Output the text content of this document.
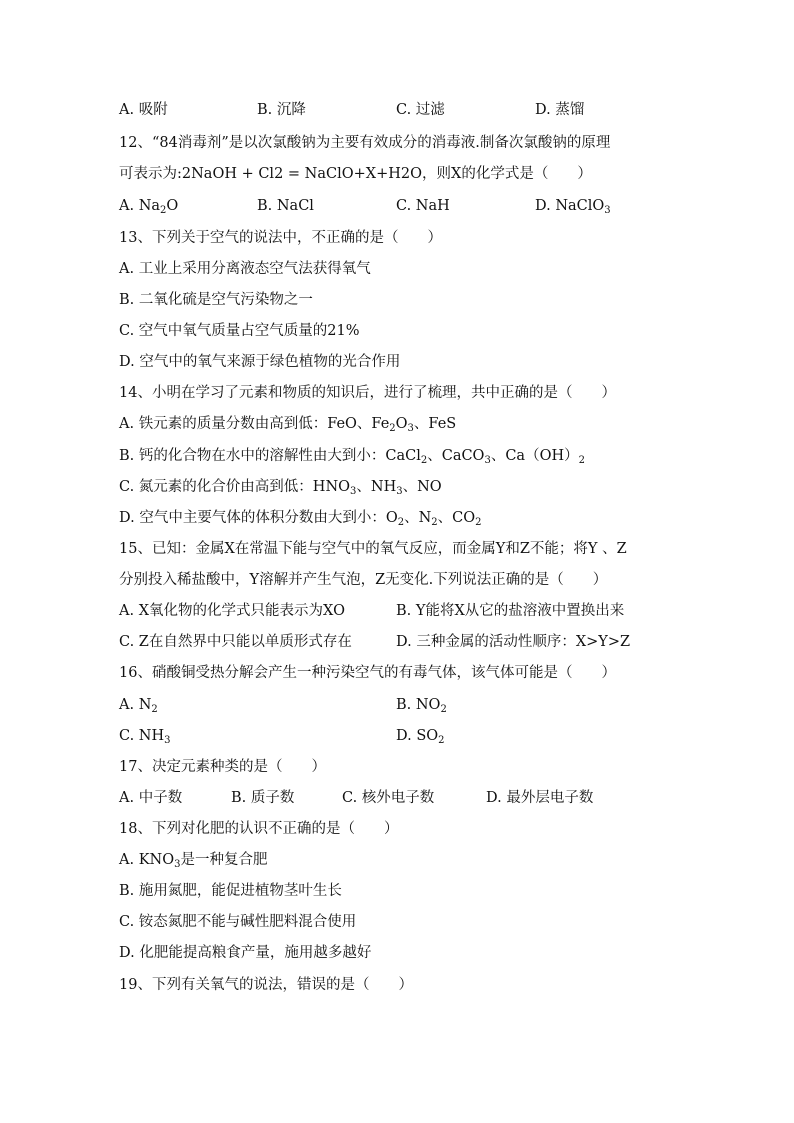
A. 吸附	B. 沉降	C. 过滤	D. 蒸馏
12、“84消毒剂”是以次氯酸钠为主要有效成分的消毒液.制备次氯酸钠的原理
可表示为:2NaOH + Cl2 = NaClO+X+H2O，则X的化学式是（　　）
A. $Na_2O$	B. NaCl	C. NaH	D. NaClO$_3$
13、下列关于空气的说法中，不正确的是（　　）
A. 工业上采用分离液态空气法获得氧气
B. 二氧化硫是空气污染物之一
C. 空气中氧气质量占空气质量的21%
D. 空气中的氧气来源于绿色植物的光合作用
14、小明在学习了元素和物质的知识后，进行了梳理，共中正确的是（　　）
A. 铁元素的质量分数由高到低：FeO、$Fe_2O_3$、FeS
B. 钙的化合物在水中的溶解性由大到小：CaCl$_2$、CaCO$_3$、$Ca(OH)_2$
C. 氮元素的化合价由高到低：$HNO_3$、$NH_3$、NO
D. 空气中主要气体的体积分数由大到小：$O_2$、$N_2$、$CO_2$
15、已知：金属X在常温下能与空气中的氧气反应，而金属Y和Z不能；将Y 、Z
分别投入稀盐酸中，Y溶解并产生气泡，Z无变化.下列说法正确的是（　　）
A. X氧化物的化学式只能表示为XO	B. Y能将X从它的盐溶液中置换出来
C. Z在自然界中只能以单质形式存在	D. 三种金属的活动性顺序：X>Y>Z
16、硝酸铜受热分解会产生一种污染空气的有毒气体，该气体可能是（　　）
A. $N_2$	B. $NO_2$
C. $NH_3$	D. $SO_2$
17、决定元素种类的是（　　）
A. 中子数	B. 质子数	C. 核外电子数	D. 最外层电子数
18、下列对化肥的认识不正确的是（　　）
A. $KNO_3$是一种复合肥
B. 施用氮肥，能促进植物茎叶生长
C. 铵态氮肥不能与碱性肥料混合使用
D. 化肥能提高粮食产量，施用越多越好
19、下列有关氧气的说法，错误的是（　　）
